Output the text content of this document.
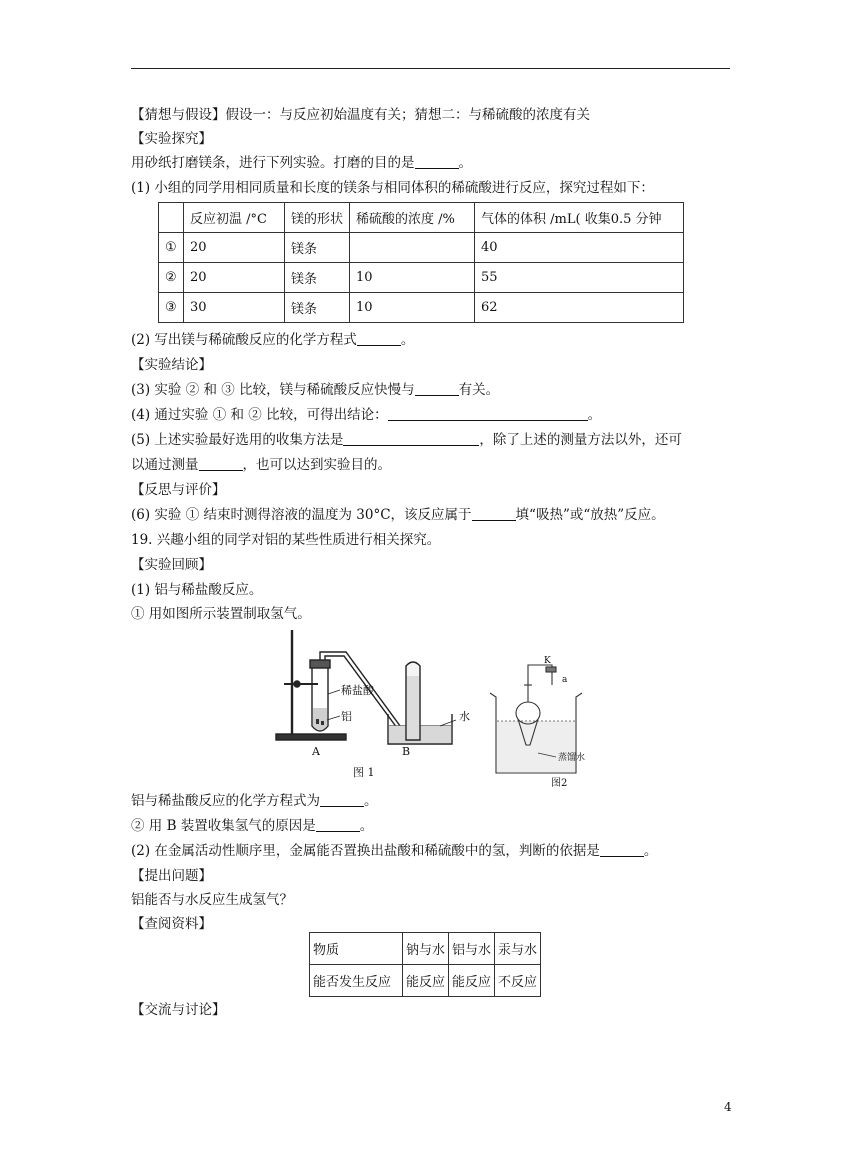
【猜想与假设】假设一：与反应初始温度有关；猜想二：与稀硫酸的浓度有关
【实验探究】
用砂纸打磨镁条，进行下列实验。打磨的目的是	。
(1) 小组的同学用相同质量和长度的镁条与相同体积的稀硫酸进行反应，探究过程如下：
	反应初温 /°C	镁的形状	稀硫酸的浓度 /%	气体的体积 /mL( 收集0.5 分钟
①	20	镁条		40
②	20	镁条	10	55
③	30	镁条	10	62
(2) 写出镁与稀硫酸反应的化学方程式	。
【实验结论】
(3) 实验 ② 和 ③ 比较，镁与稀硫酸反应快慢与	有关。
(4) 通过实验 ① 和 ② 比较，可得出结论：	。
(5) 上述实验最好选用的收集方法是	，除了上述的测量方法以外，还可
以通过测量	，也可以达到实验目的。
【反思与评价】
(6) 实验 ① 结束时测得溶液的温度为 30°C，该反应属于	填“吸热”或“放热”反应。
19. 兴趣小组的同学对铝的某些性质进行相关探究。
【实验回顾】
(1) 铝与稀盐酸反应。
① 用如图所示装置制取氢气。
稀盐酸
铝	水
A	B
图 1
K
a
蒸馏水
图2
铝与稀盐酸反应的化学方程式为	。
② 用 B 装置收集氢气的原因是	。
(2) 在金属活动性顺序里，金属能否置换出盐酸和稀硫酸中的氢，判断的依据是	。
【提出问题】
铝能否与水反应生成氢气？
【查阅资料】
物质	钠与水	铝与水	汞与水
能否发生反应	能反应	能反应	不反应
【交流与讨论】
4
